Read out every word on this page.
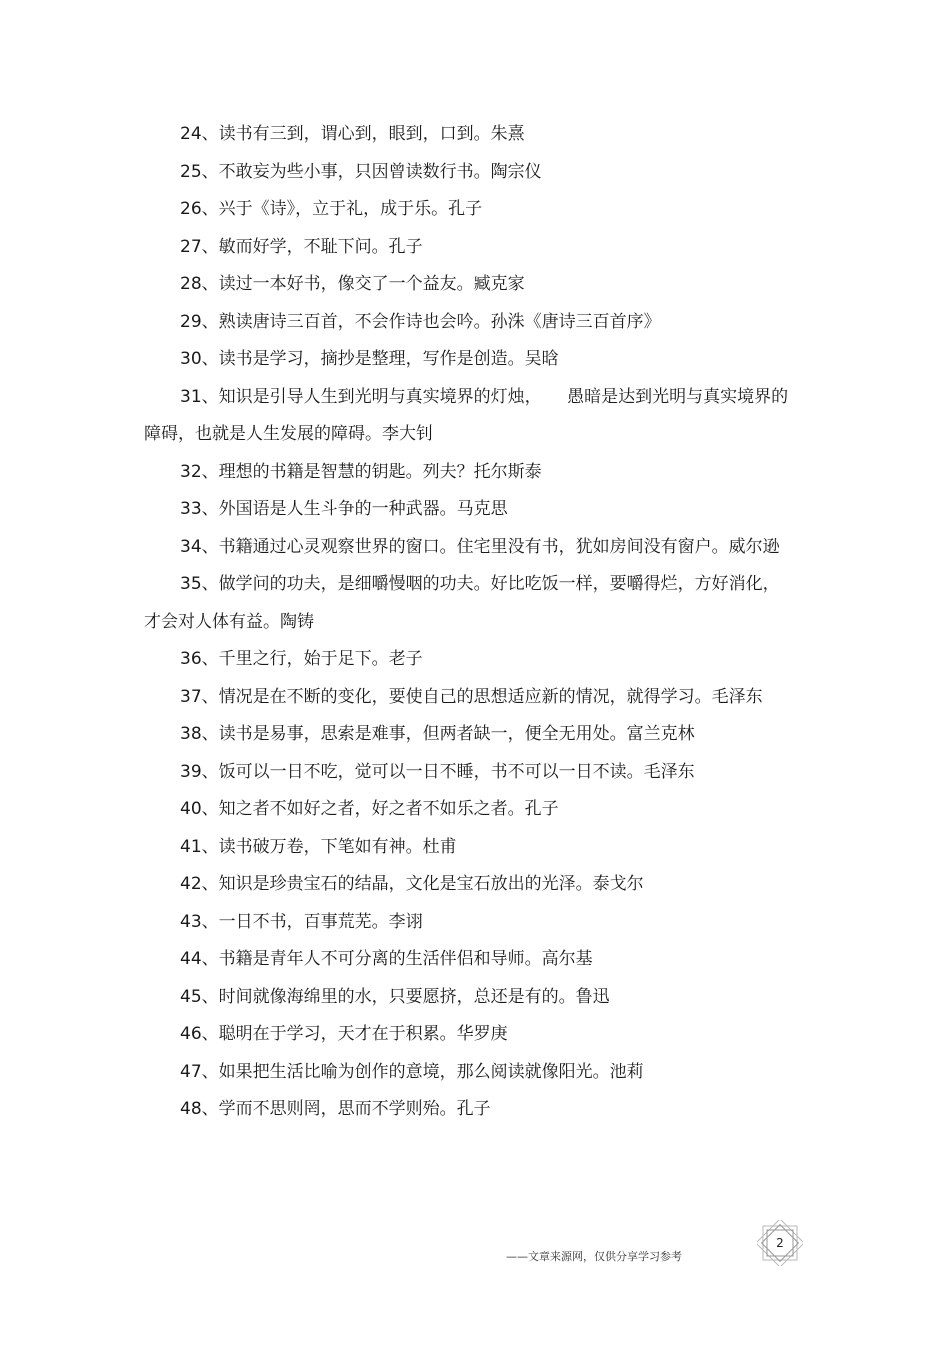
24、读书有三到，谓心到，眼到，口到。朱熹
25、不敢妄为些小事，只因曾读数行书。陶宗仪
26、兴于《诗》，立于礼，成于乐。孔子
27、敏而好学，不耻下问。孔子
28、读过一本好书，像交了一个益友。臧克家
29、熟读唐诗三百首，不会作诗也会吟。孙洙《唐诗三百首序》
30、读书是学习，摘抄是整理，写作是创造。吴晗
31、知识是引导人生到光明与真实境界的灯烛，　　愚暗是达到光明与真实境界的障碍，也就是人生发展的障碍。李大钊
32、理想的书籍是智慧的钥匙。列夫？托尔斯泰
33、外国语是人生斗争的一种武器。马克思
34、书籍通过心灵观察世界的窗口。住宅里没有书，犹如房间没有窗户。威尔逊
35、做学问的功夫，是细嚼慢咽的功夫。好比吃饭一样，要嚼得烂，方好消化，才会对人体有益。陶铸
36、千里之行，始于足下。老子
37、情况是在不断的变化，要使自己的思想适应新的情况，就得学习。毛泽东
38、读书是易事，思索是难事，但两者缺一，便全无用处。富兰克林
39、饭可以一日不吃，觉可以一日不睡，书不可以一日不读。毛泽东
40、知之者不如好之者，好之者不如乐之者。孔子
41、读书破万卷，下笔如有神。杜甫
42、知识是珍贵宝石的结晶，文化是宝石放出的光泽。泰戈尔
43、一日不书，百事荒芜。李诩
44、书籍是青年人不可分离的生活伴侣和导师。高尔基
45、时间就像海绵里的水，只要愿挤，总还是有的。鲁迅
46、聪明在于学习，天才在于积累。华罗庚
47、如果把生活比喻为创作的意境，那么阅读就像阳光。池莉
48、学而不思则罔，思而不学则殆。孔子
2
——文章来源网，仅供分享学习参考
